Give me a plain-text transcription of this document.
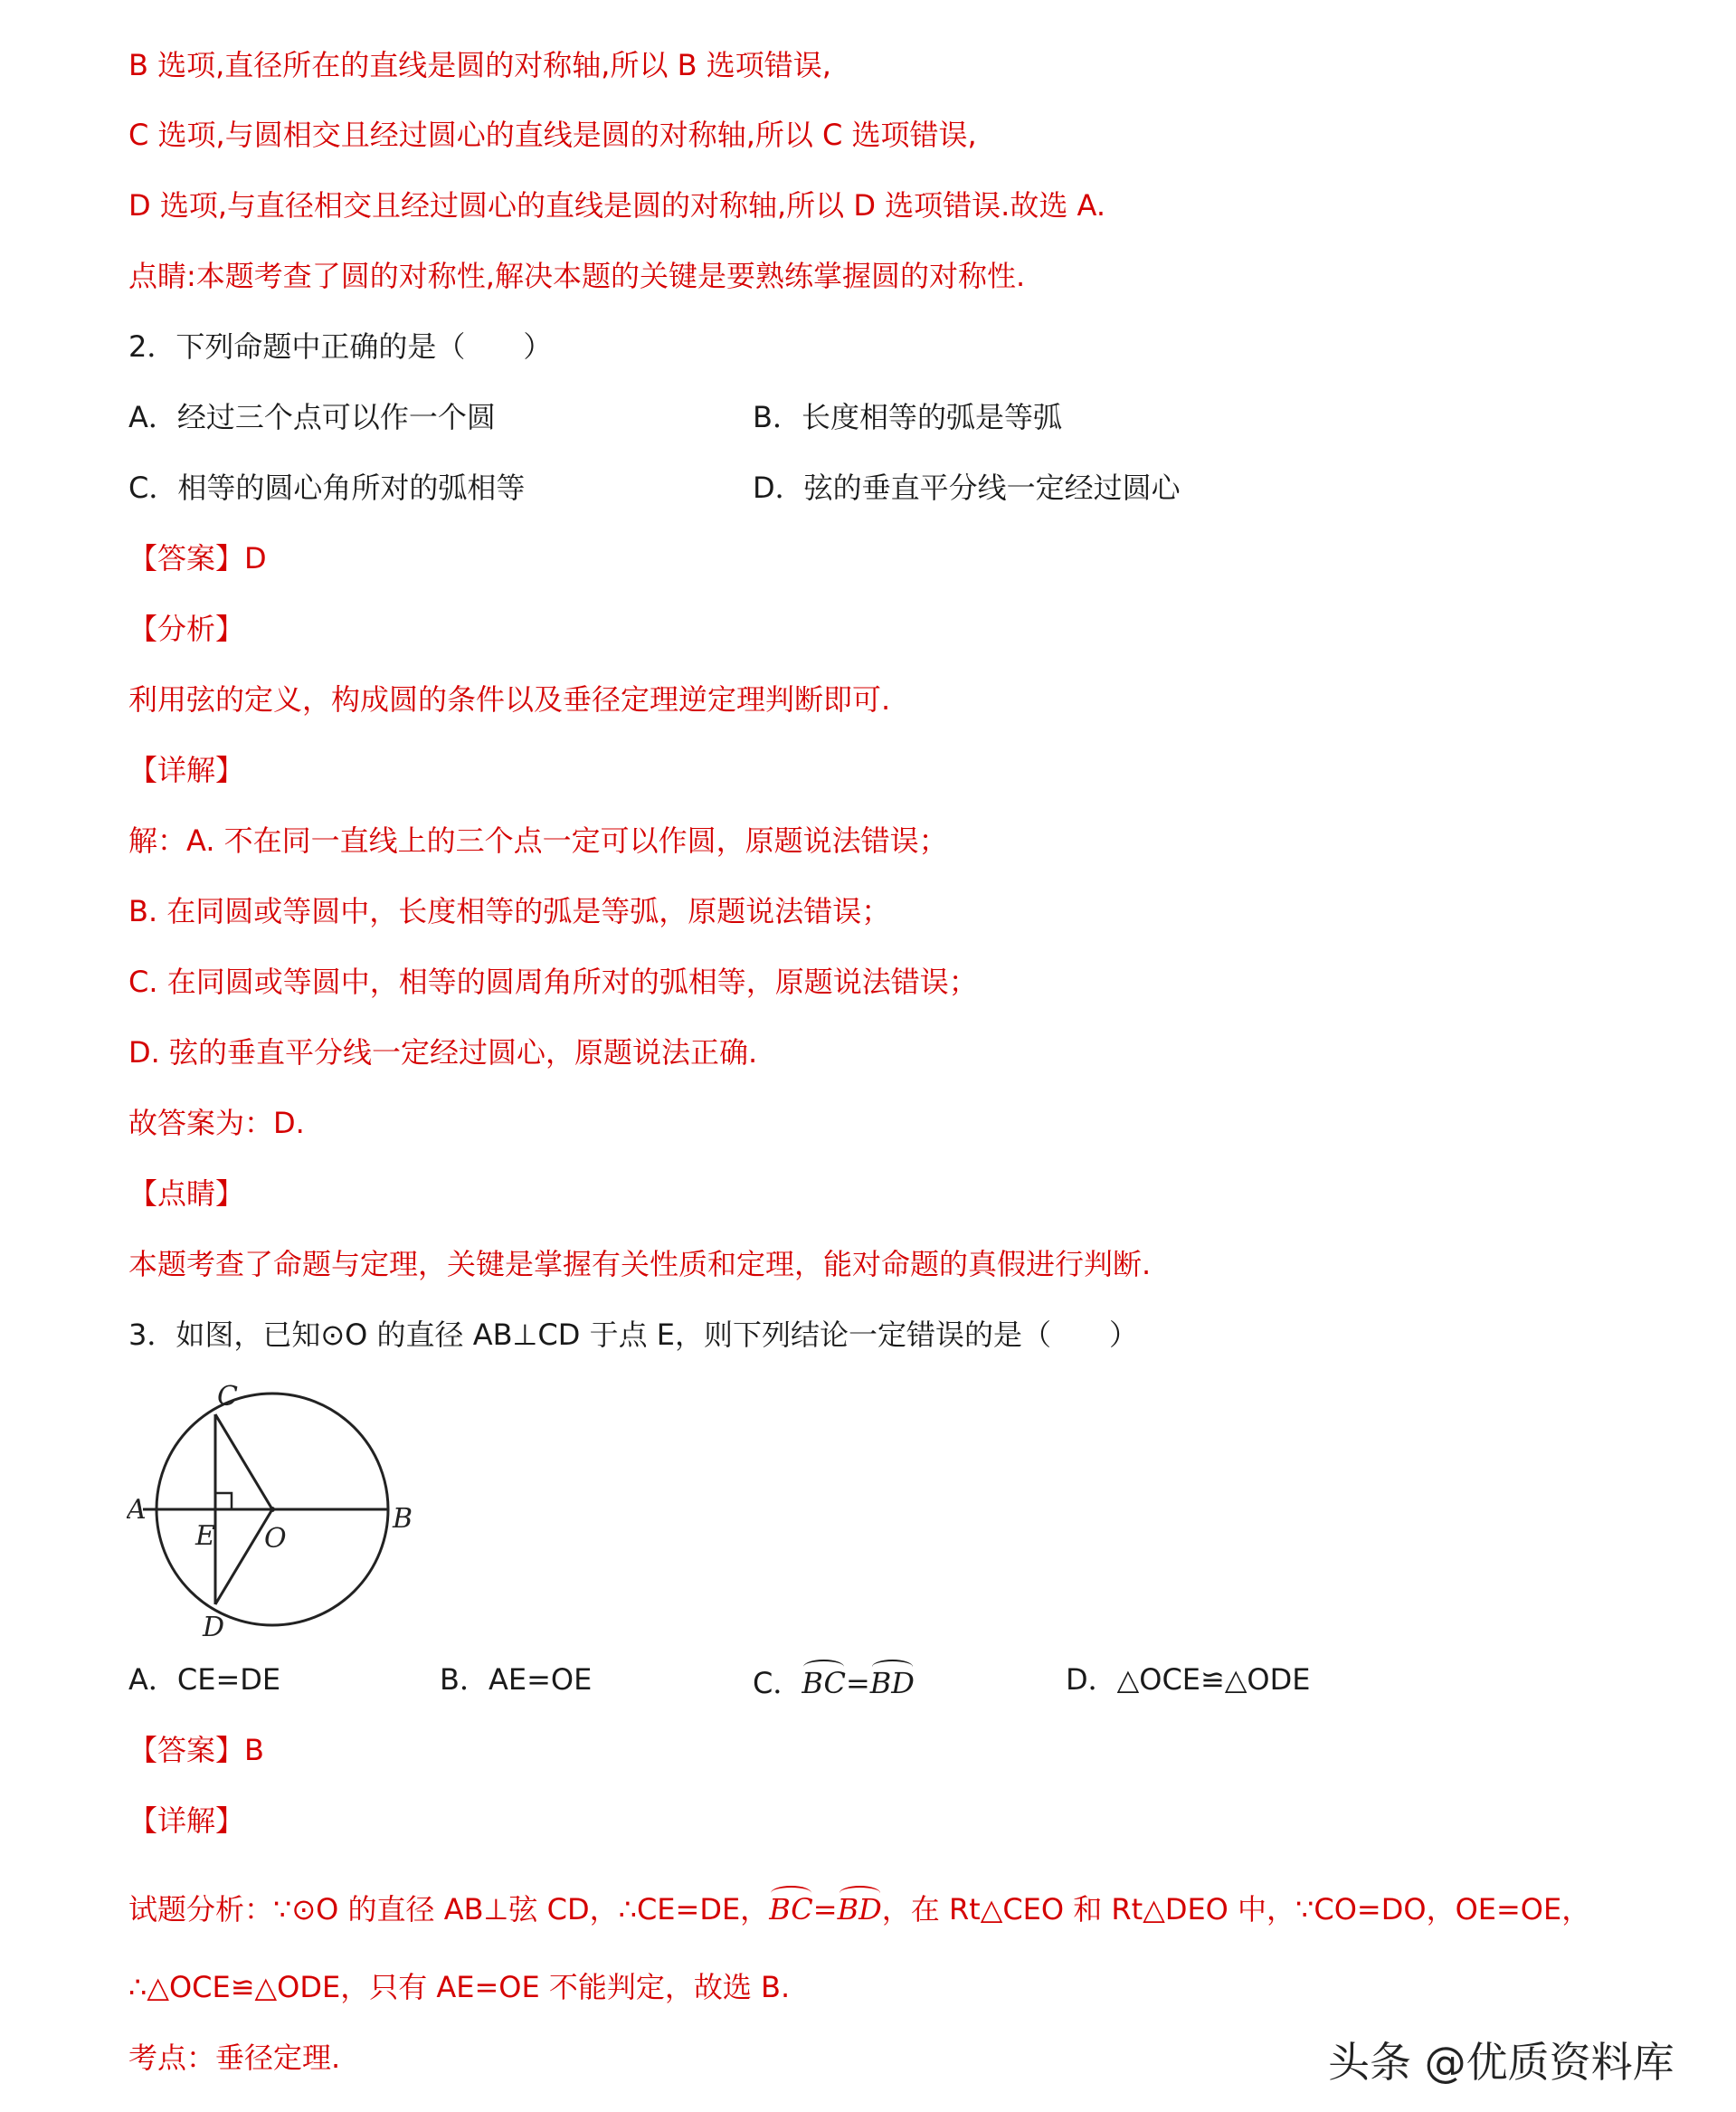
B 选项,直径所在的直线是圆的对称轴,所以 B 选项错误,
C 选项,与圆相交且经过圆心的直线是圆的对称轴,所以 C 选项错误,
D 选项,与直径相交且经过圆心的直线是圆的对称轴,所以 D 选项错误.故选 A.
点睛:本题考查了圆的对称性,解决本题的关键是要熟练掌握圆的对称性.
2．下列命题中正确的是（　　）
A．经过三个点可以作一个圆	B．长度相等的弧是等弧
C．相等的圆心角所对的弧相等	D．弦的垂直平分线一定经过圆心
【答案】D
【分析】
利用弦的定义，构成圆的条件以及垂径定理逆定理判断即可.
【详解】
解：A. 不在同一直线上的三个点一定可以作圆，原题说法错误；
B. 在同圆或等圆中，长度相等的弧是等弧，原题说法错误；
C. 在同圆或等圆中，相等的圆周角所对的弧相等，原题说法错误；
D. 弦的垂直平分线一定经过圆心，原题说法正确.
故答案为：D.
【点睛】
本题考查了命题与定理，关键是掌握有关性质和定理，能对命题的真假进行判断.
3．如图，已知⊙O 的直径 AB⊥CD 于点 E，则下列结论一定错误的是（　　）
C
A	B
E O
D
A．CE=DE	B．AE=OE	C．BC=BD	D．△OCE≌△ODE
【答案】B
【详解】
试题分析：∵⊙O 的直径 AB⊥弦 CD，∴CE=DE，BC=BD，在 Rt△CEO 和 Rt△DEO 中，∵CO=DO，OE=OE，
∴△OCE≌△ODE，只有 AE=OE 不能判定，故选 B.
考点：垂径定理.	头条 @优质资料库
